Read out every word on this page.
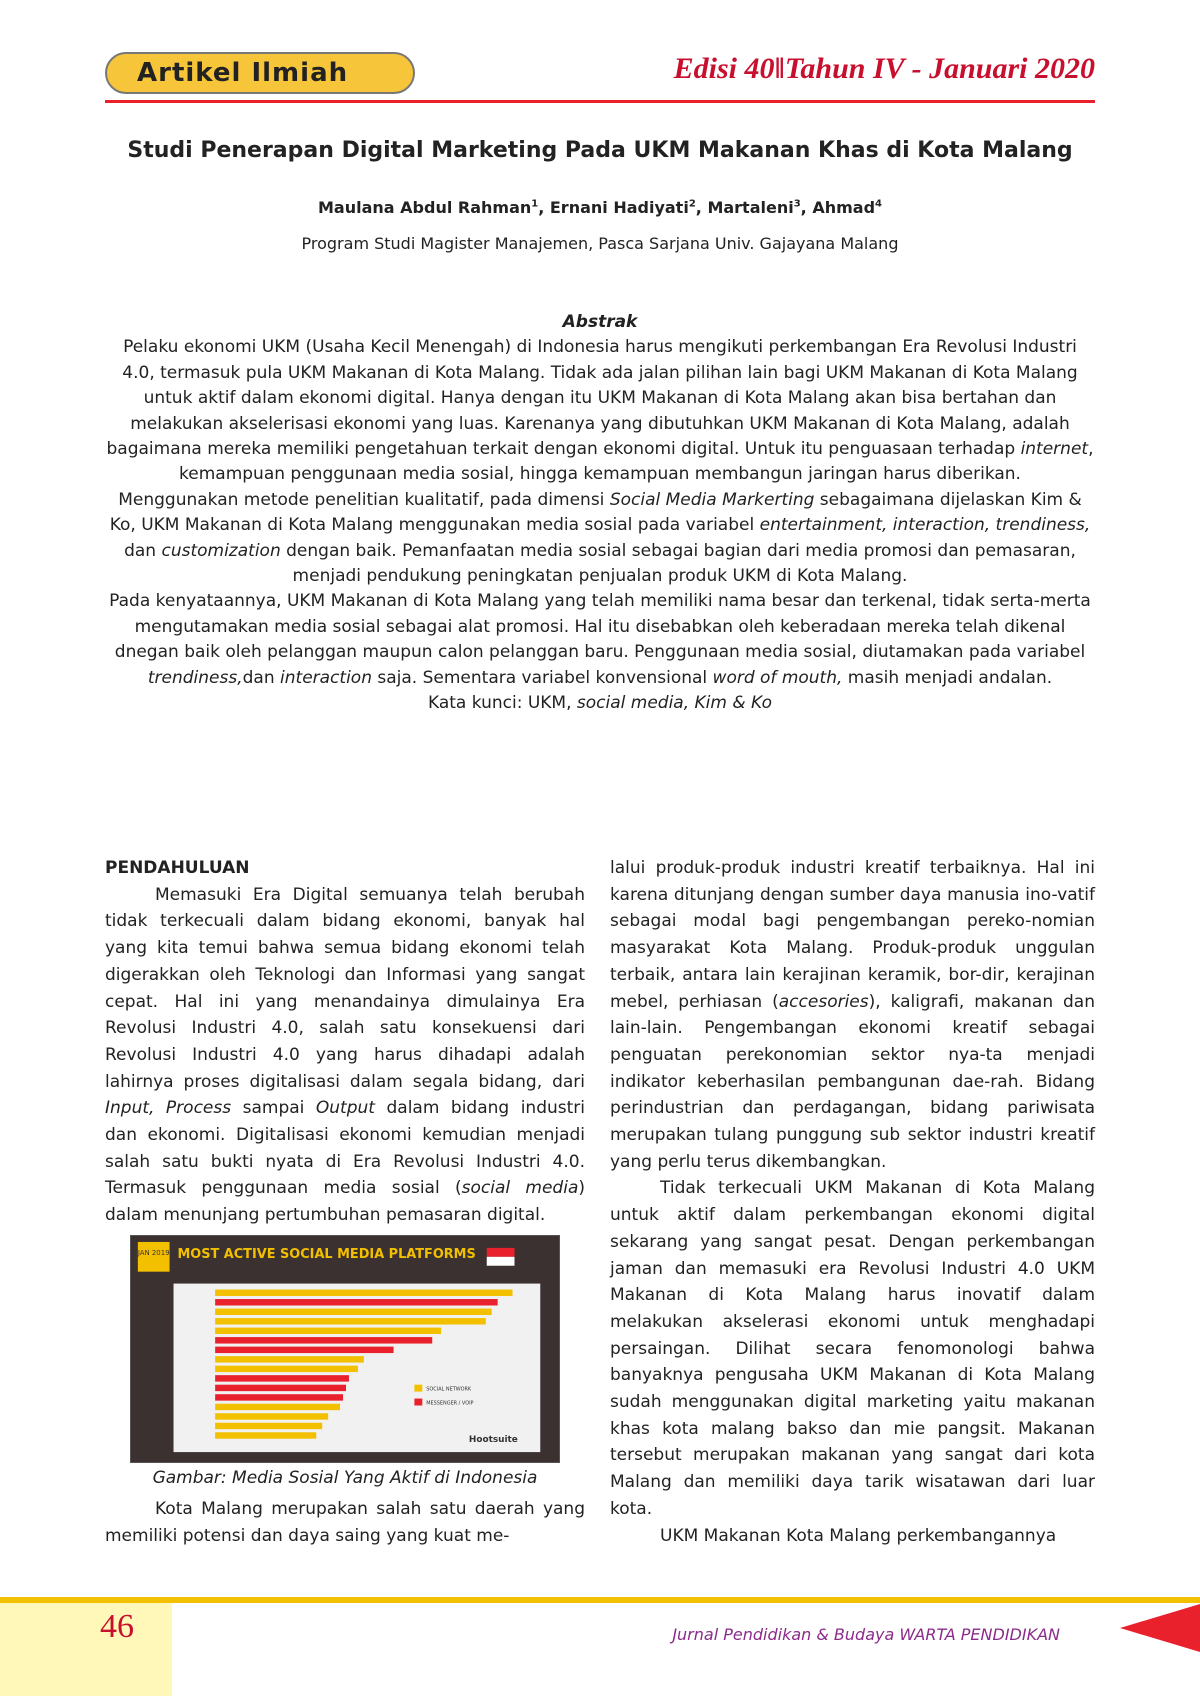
Artikel Ilmiah	Edisi 40‖Tahun IV - Januari 2020
Studi Penerapan Digital Marketing Pada UKM Makanan Khas di Kota Malang
Maulana Abdul Rahman$^1$, Ernani Hadiyati$^2$, Martaleni$^3$, Ahmad$^4$
Program Studi Magister Manajemen, Pasca Sarjana Univ. Gajayana Malang
Abstrak

Pelaku ekonomi UKM (Usaha Kecil Menengah) di Indonesia harus mengikuti perkembangan Era Revolusi Industri 4.0, termasuk pula UKM Makanan di Kota Malang. Tidak ada jalan pilihan lain bagi UKM Makanan di Kota Malang untuk aktif dalam ekonomi digital. Hanya dengan itu UKM Makanan di Kota Malang akan bisa bertahan dan melakukan akselerisasi ekonomi yang luas. Karenanya yang dibutuhkan UKM Makanan di Kota Malang, adalah bagaimana mereka memiliki pengetahuan terkait dengan ekonomi digital. Untuk itu penguasaan terhadap internet, kemampuan penggunaan media sosial, hingga kemampuan membangun jaringan harus diberikan.

Menggunakan metode penelitian kualitatif, pada dimensi Social Media Markerting sebagaimana dijelaskan Kim & Ko, UKM Makanan di Kota Malang menggunakan media sosial pada variabel entertainment, interaction, trendiness, dan customization dengan baik. Pemanfaatan media sosial sebagai bagian dari media promosi dan pemasaran, menjadi pendukung peningkatan penjualan produk UKM di Kota Malang.

Pada kenyataannya, UKM Makanan di Kota Malang yang telah memiliki nama besar dan terkenal, tidak serta-merta mengutamakan media sosial sebagai alat promosi. Hal itu disebabkan oleh keberadaan mereka telah dikenal dnegan baik oleh pelanggan maupun calon pelanggan baru. Penggunaan media sosial, diutamakan pada variabel trendiness,dan interaction saja. Sementara variabel konvensional word of mouth, masih menjadi andalan.

Kata kunci: UKM, social media, Kim & Ko

PENDAHULUAN

Memasuki Era Digital semuanya telah berubah tidak terkecuali dalam bidang ekonomi, banyak hal yang kita temui bahwa semua bidang ekonomi telah digerakkan oleh Teknologi dan Informasi yang sangat cepat. Hal ini yang menandainya dimulainya Era Revolusi Industri 4.0, salah satu konsekuensi dari Revolusi Industri 4.0 yang harus dihadapi adalah lahirnya proses digitalisasi dalam segala bidang, dari Input, Process sampai Output dalam bidang industri dan ekonomi. Digitalisasi ekonomi kemudian menjadi salah satu bukti nyata di Era Revolusi Industri 4.0. Termasuk penggunaan media sosial (social media) dalam menunjang pertumbuhan pemasaran digital.

JAN 2019 MOST ACTIVE SOCIAL MEDIA PLATFORMS
SOCIAL NETWORK
MESSENGER / VOIP
Hootsuite
Gambar: Media Sosial Yang Aktif di Indonesia

Kota Malang merupakan salah satu daerah yang memiliki potensi dan daya saing yang kuat me-

lalui produk-produk industri kreatif terbaiknya. Hal ini karena ditunjang dengan sumber daya manusia ino-vatif sebagai modal bagi pengembangan pereko-nomian masyarakat Kota Malang. Produk-produk unggulan terbaik, antara lain kerajinan keramik, bor-dir, kerajinan mebel, perhiasan (accesories), kaligrafi, makanan dan lain-lain. Pengembangan ekonomi kreatif sebagai penguatan perekonomian sektor nya-ta menjadi indikator keberhasilan pembangunan dae-rah. Bidang perindustrian dan perdagangan, bidang pariwisata merupakan tulang punggung sub sektor industri kreatif yang perlu terus dikembangkan.

Tidak terkecuali UKM Makanan di Kota Malang untuk aktif dalam perkembangan ekonomi digital sekarang yang sangat pesat. Dengan perkembangan jaman dan memasuki era Revolusi Industri 4.0 UKM Makanan di Kota Malang harus inovatif dalam melakukan akselerasi ekonomi untuk menghadapi persaingan. Dilihat secara fenomonologi bahwa banyaknya pengusaha UKM Makanan di Kota Malang sudah menggunakan digital marketing yaitu makanan khas kota malang bakso dan mie pangsit. Makanan tersebut merupakan makanan yang sangat dari kota Malang dan memiliki daya tarik wisatawan dari luar kota.

UKM Makanan Kota Malang perkembangannya

46	Jurnal Pendidikan & Budaya WARTA PENDIDIKAN
